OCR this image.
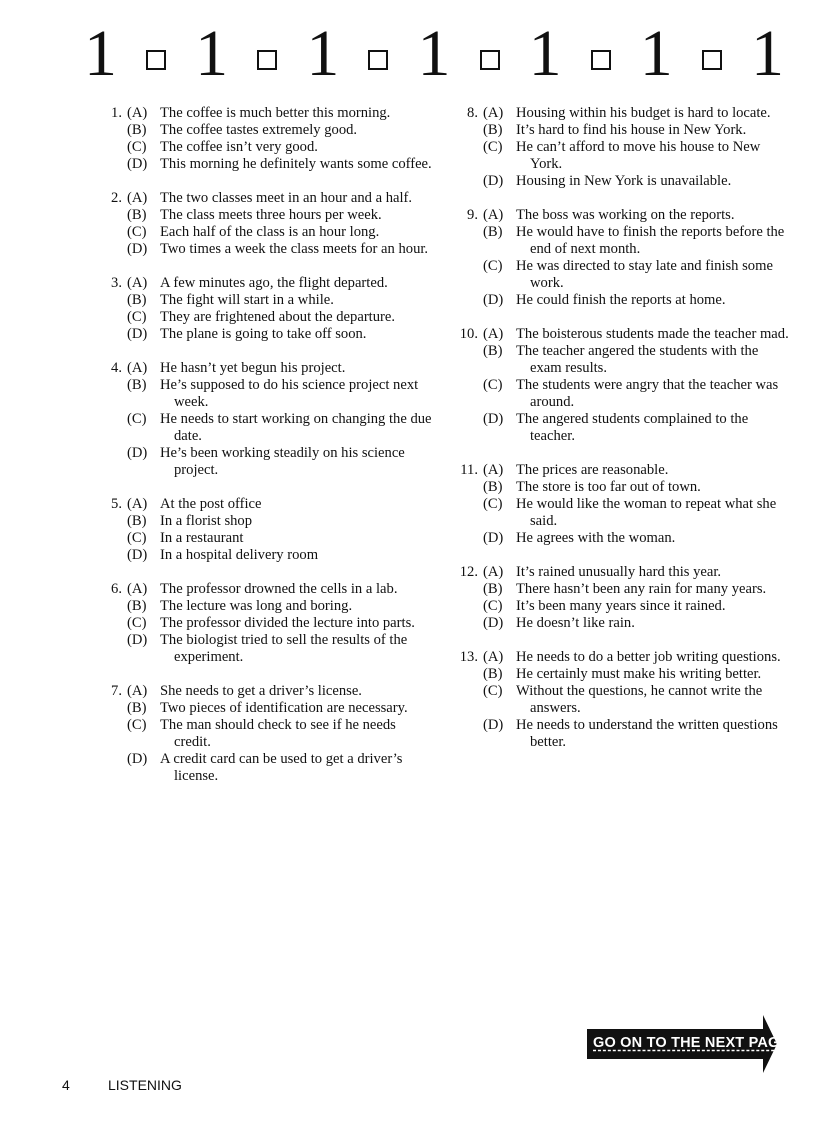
1 1 1 1 1 1 1
1. (A) The coffee is much better this morning.
(B) The coffee tastes extremely good.
(C) The coffee isn’t very good.
(D) This morning he definitely wants some coffee.
2. (A) The two classes meet in an hour and a half.
(B) The class meets three hours per week.
(C) Each half of the class is an hour long.
(D) Two times a week the class meets for an hour.
3. (A) A few minutes ago, the flight departed.
(B) The fight will start in a while.
(C) They are frightened about the departure.
(D) The plane is going to take off soon.
4. (A) He hasn’t yet begun his project.
(B) He’s supposed to do his science project next week.
(C) He needs to start working on changing the due date.
(D) He’s been working steadily on his science project.
5. (A) At the post office
(B) In a florist shop
(C) In a restaurant
(D) In a hospital delivery room
6. (A) The professor drowned the cells in a lab.
(B) The lecture was long and boring.
(C) The professor divided the lecture into parts.
(D) The biologist tried to sell the results of the experiment.
7. (A) She needs to get a driver’s license.
(B) Two pieces of identification are necessary.
(C) The man should check to see if he needs credit.
(D) A credit card can be used to get a driver’s license.
8. (A) Housing within his budget is hard to locate.
(B) It’s hard to find his house in New York.
(C) He can’t afford to move his house to New York.
(D) Housing in New York is unavailable.
9. (A) The boss was working on the reports.
(B) He would have to finish the reports before the end of next month.
(C) He was directed to stay late and finish some work.
(D) He could finish the reports at home.
10. (A) The boisterous students made the teacher mad.
(B) The teacher angered the students with the exam results.
(C) The students were angry that the teacher was around.
(D) The angered students complained to the teacher.
11. (A) The prices are reasonable.
(B) The store is too far out of town.
(C) He would like the woman to repeat what she said.
(D) He agrees with the woman.
12. (A) It’s rained unusually hard this year.
(B) There hasn’t been any rain for many years.
(C) It’s been many years since it rained.
(D) He doesn’t like rain.
13. (A) He needs to do a better job writing questions.
(B) He certainly must make his writing better.
(C) Without the questions, he cannot write the answers.
(D) He needs to understand the written questions better.
GO ON TO THE NEXT PAGE
4	LISTENING
